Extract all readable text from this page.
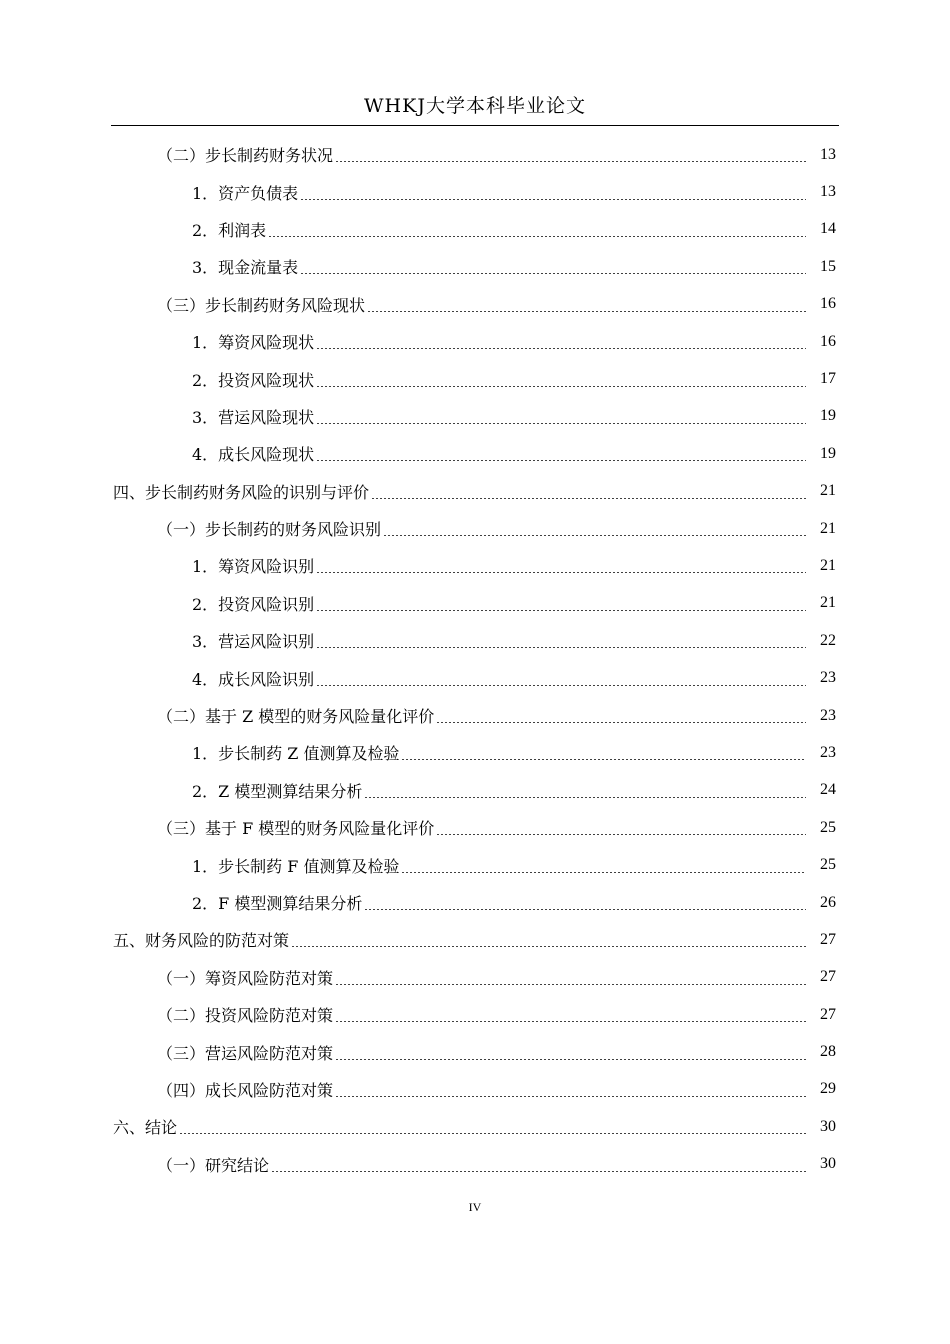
WHKJ大学本科毕业论文
（二）步长制药财务状况	13
1．资产负债表	13
2．利润表	14
3．现金流量表	15
（三）步长制药财务风险现状	16
1．筹资风险现状	16
2．投资风险现状	17
3．营运风险现状	19
4．成长风险现状	19
四、步长制药财务风险的识别与评价	21
（一）步长制药的财务风险识别	21
1．筹资风险识别	21
2．投资风险识别	21
3．营运风险识别	22
4．成长风险识别	23
（二）基于 Z 模型的财务风险量化评价	23
1．步长制药 Z 值测算及检验	23
2．Z 模型测算结果分析	24
（三）基于 F 模型的财务风险量化评价	25
1．步长制药 F 值测算及检验	25
2．F 模型测算结果分析	26
五、财务风险的防范对策	27
（一）筹资风险防范对策	27
（二）投资风险防范对策	27
（三）营运风险防范对策	28
（四）成长风险防范对策	29
六、结论	30
（一）研究结论	30
IV
